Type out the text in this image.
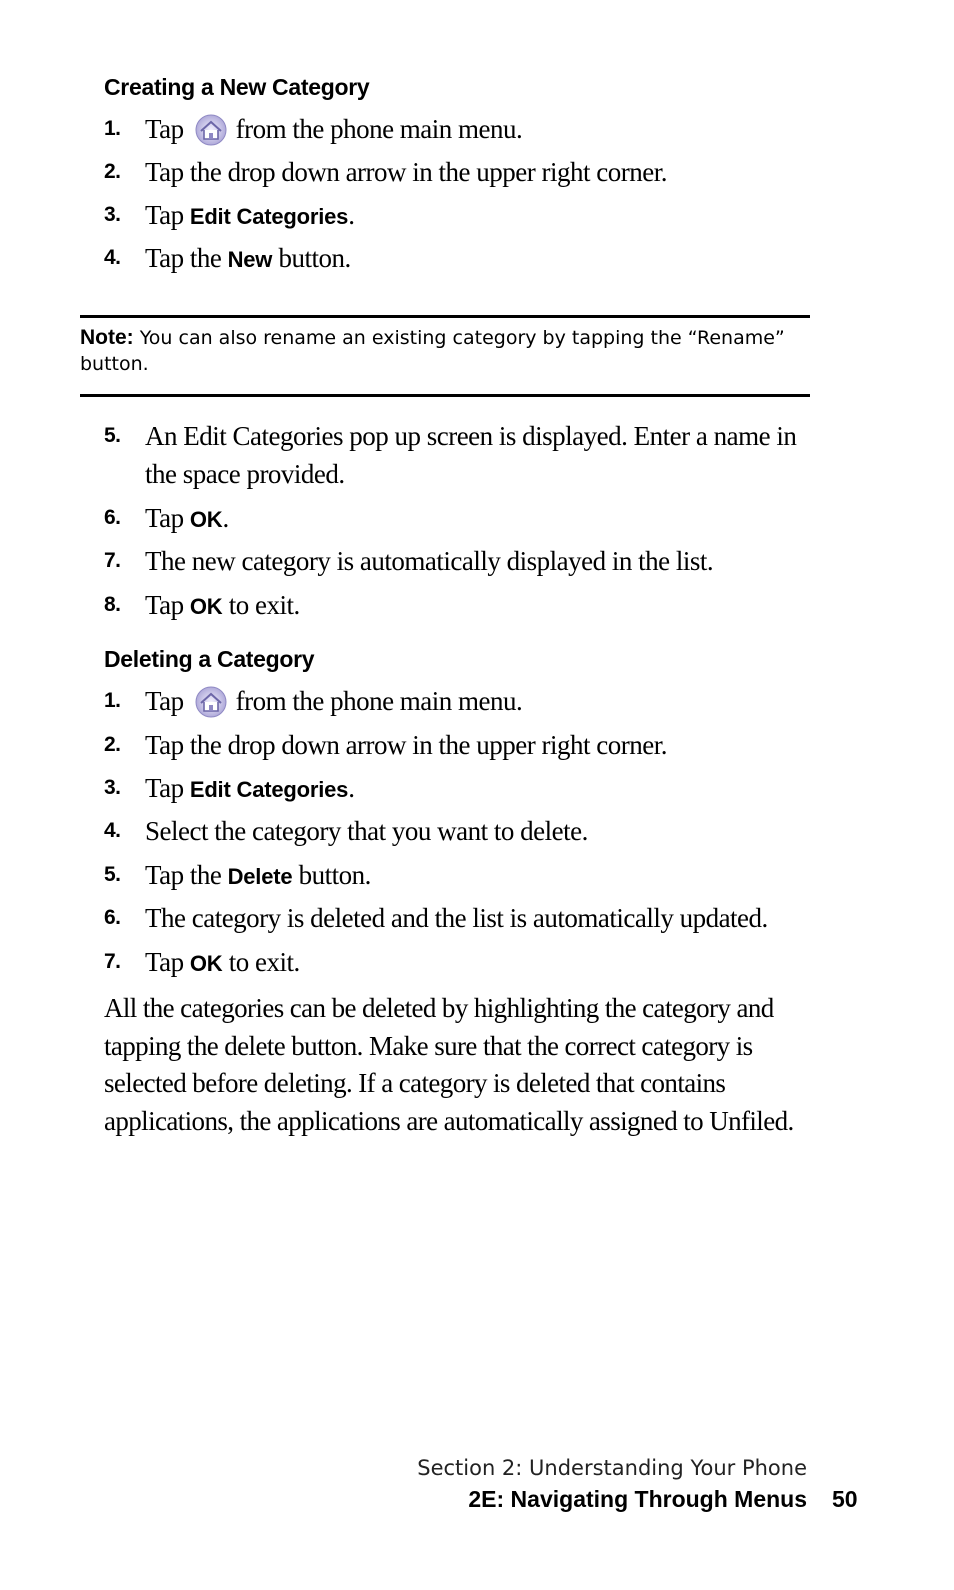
Creating a New Category
1. Tap from the phone main menu.
2. Tap the drop down arrow in the upper right corner.
3. Tap Edit Categories.
4. Tap the New button.
Note: You can also rename an existing category by tapping the “Rename” button.
5. An Edit Categories pop up screen is displayed. Enter a name in the space provided.
6. Tap OK.
7. The new category is automatically displayed in the list.
8. Tap OK to exit.
Deleting a Category
1. Tap from the phone main menu.
2. Tap the drop down arrow in the upper right corner.
3. Tap Edit Categories.
4. Select the category that you want to delete.
5. Tap the Delete button.
6. The category is deleted and the list is automatically updated.
7. Tap OK to exit.
All the categories can be deleted by highlighting the category and tapping the delete button. Make sure that the correct category is selected before deleting. If a category is deleted that contains applications, the applications are automatically assigned to Unfiled.
Section 2: Understanding Your Phone
2E: Navigating Through Menus 50
